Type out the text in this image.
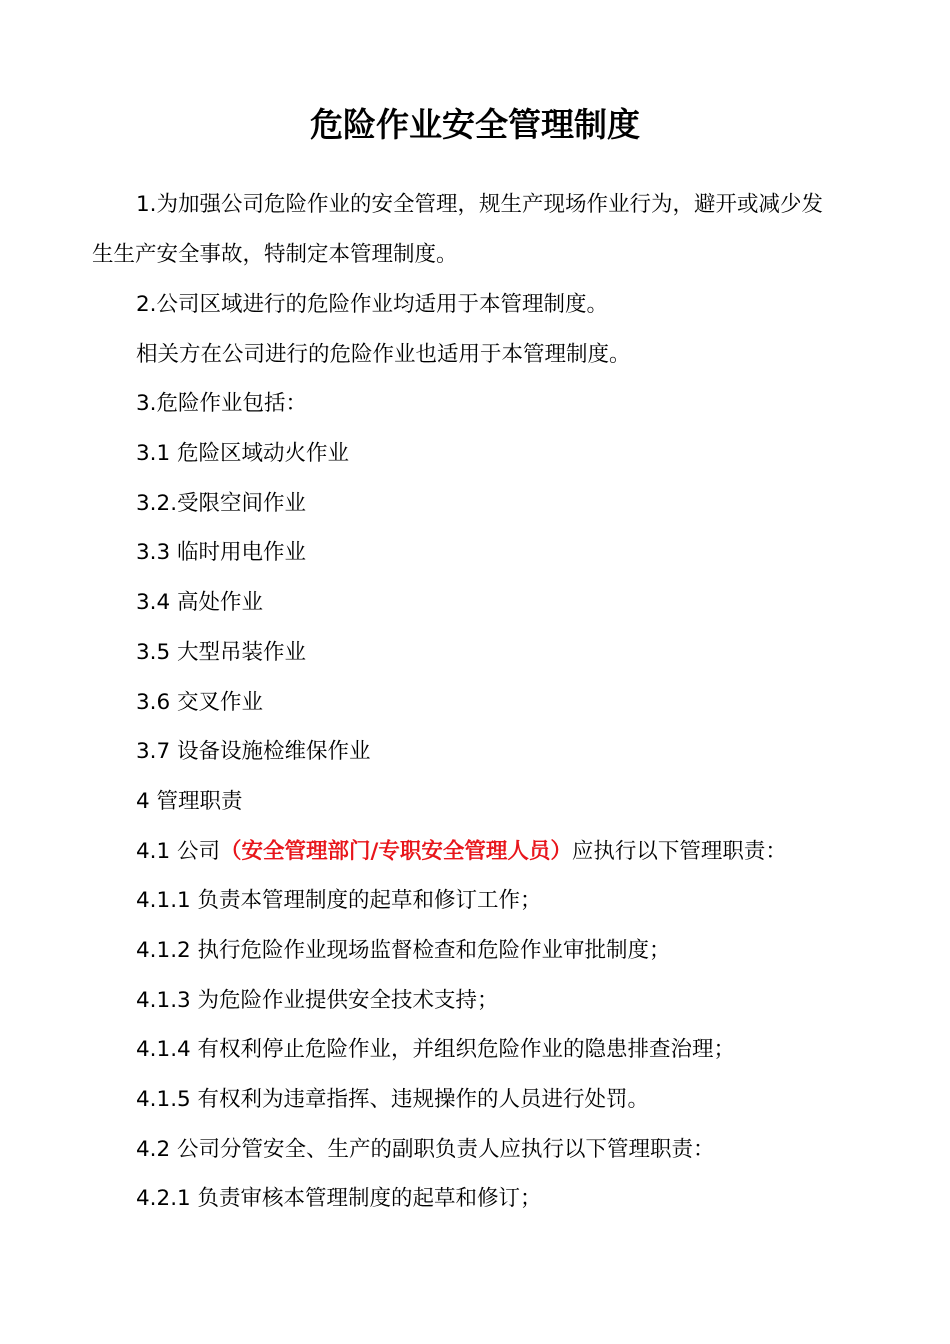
危险作业安全管理制度
1.为加强公司危险作业的安全管理，规生产现场作业行为，避开或减少发
生生产安全事故，特制定本管理制度。
2.公司区域进行的危险作业均适用于本管理制度。
相关方在公司进行的危险作业也适用于本管理制度。
3.危险作业包括：
3.1 危险区域动火作业
3.2.受限空间作业
3.3 临时用电作业
3.4 高处作业
3.5 大型吊装作业
3.6 交叉作业
3.7 设备设施检维保作业
4 管理职责
4.1 公司（安全管理部门/专职安全管理人员）应执行以下管理职责：
4.1.1 负责本管理制度的起草和修订工作；
4.1.2 执行危险作业现场监督检查和危险作业审批制度；
4.1.3 为危险作业提供安全技术支持；
4.1.4 有权利停止危险作业，并组织危险作业的隐患排查治理；
4.1.5 有权利为违章指挥、违规操作的人员进行处罚。
4.2 公司分管安全、生产的副职负责人应执行以下管理职责：
4.2.1 负责审核本管理制度的起草和修订；
